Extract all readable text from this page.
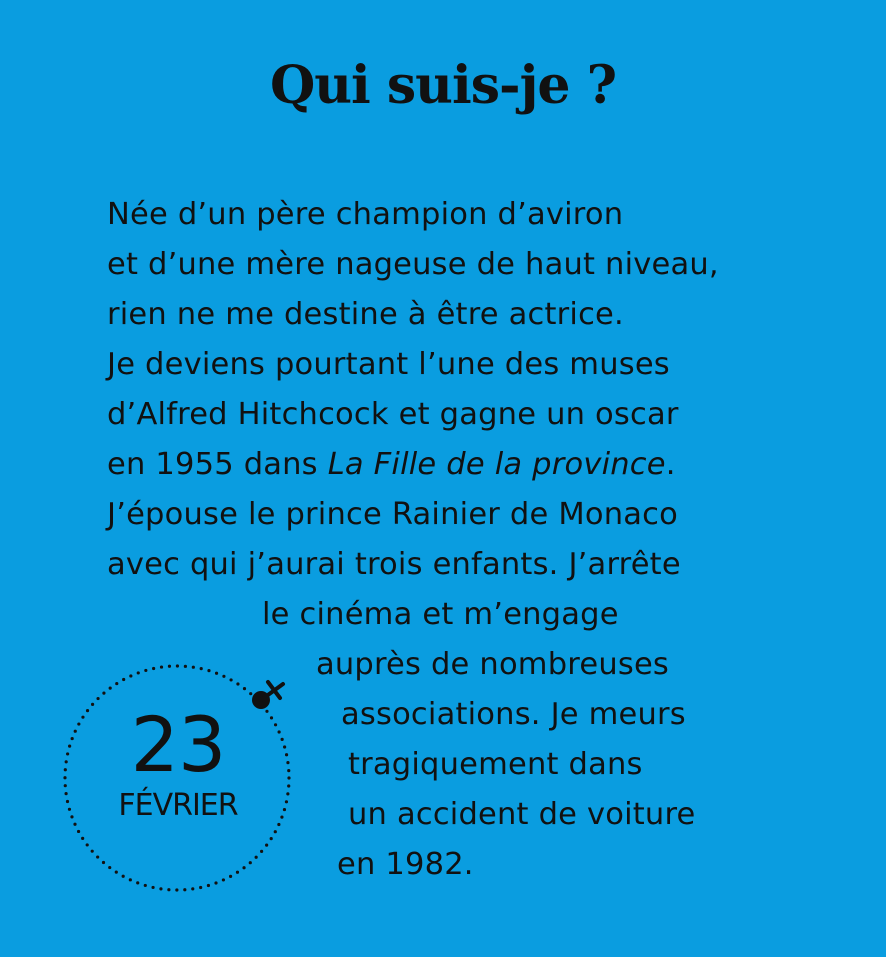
Qui suis-je ?
Née d’un père champion d’aviron
et d’une mère nageuse de haut niveau,
rien ne me destine à être actrice.
Je deviens pourtant l’une des muses
d’Alfred Hitchcock et gagne un oscar
en 1955 dans La Fille de la province.
J’épouse le prince Rainier de Monaco
avec qui j’aurai trois enfants. J’arrête
le cinéma et m’engage
auprès de nombreuses
associations. Je meurs
tragiquement dans
un accident de voiture
en 1982.
23
FÉVRIER
